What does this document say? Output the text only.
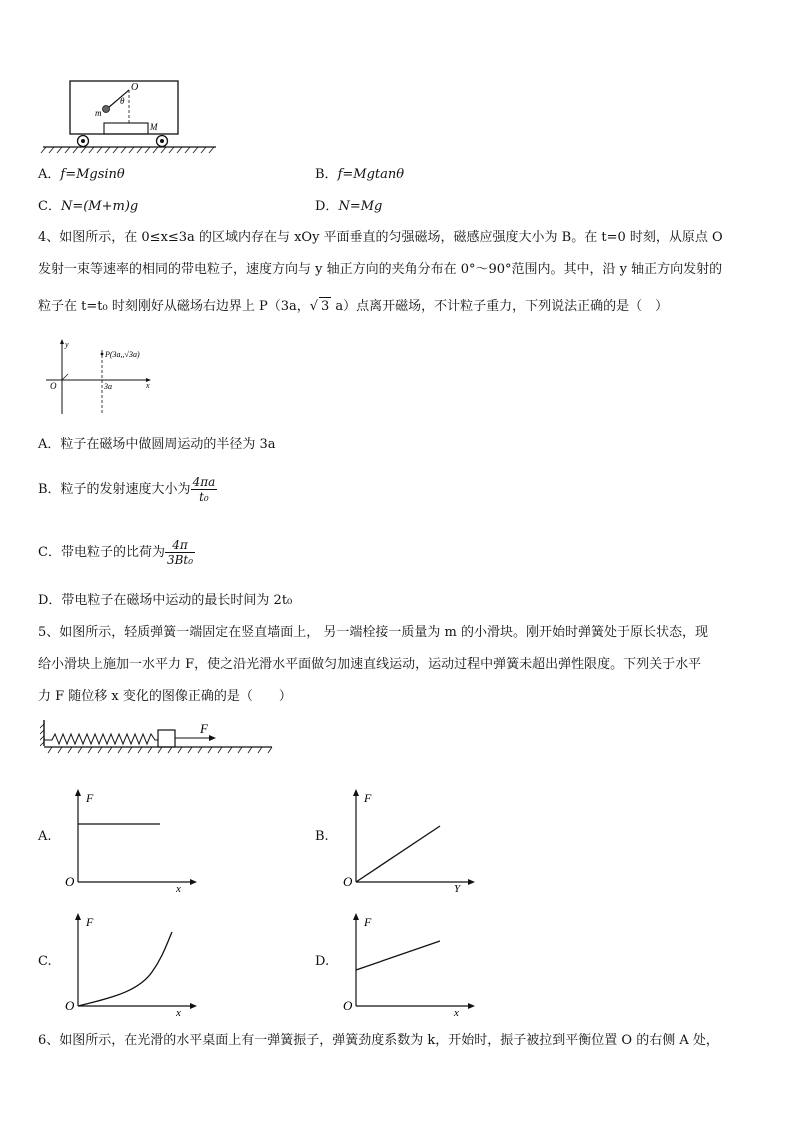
O
θ
m
M
A．f=Mgsinθ	B．f=Mgtanθ
C．N=(M+m)g	D．N=Mg
4、如图所示，在 0≤x≤3a 的区域内存在与 xOy 平面垂直的匀强磁场，磁感应强度大小为 B。在 t=0 时刻，从原点 O
发射一束等速率的相同的带电粒子，速度方向与 y 轴正方向的夹角分布在 0°～90°范围内。其中，沿 y 轴正方向发射的
粒子在 t=t₀ 时刻刚好从磁场右边界上 P（3a，√ 3 a）点离开磁场，不计粒子重力，下列说法正确的是（　）
y
x
O	3a
P(3a,,√3a)
A．粒子在磁场中做圆周运动的半径为 3a
B．粒子的发射速度大小为 $\frac{4\pi a}{\text{t₀}}$
C．带电粒子的比荷为 $\frac{4\pi}{\text{3Bt₀}}$
D．带电粒子在磁场中运动的最长时间为 2t₀
5、如图所示，轻质弹簧一端固定在竖直墙面上， 另一端栓接一质量为 m 的小滑块。刚开始时弹簧处于原长状态，现
给小滑块上施加一水平力 F，使之沿光滑水平面做匀加速直线运动，运动过程中弹簧未超出弹性限度。下列关于水平
力 F 随位移 x 变化的图像正确的是（　　）
F
A.
F
O	x
B.
F
O	Y
C.
F
O	x
D.
F
O	x
6、如图所示，在光滑的水平桌面上有一弹簧振子，弹簧劲度系数为 k，开始时，振子被拉到平衡位置 O 的右侧 A 处，
